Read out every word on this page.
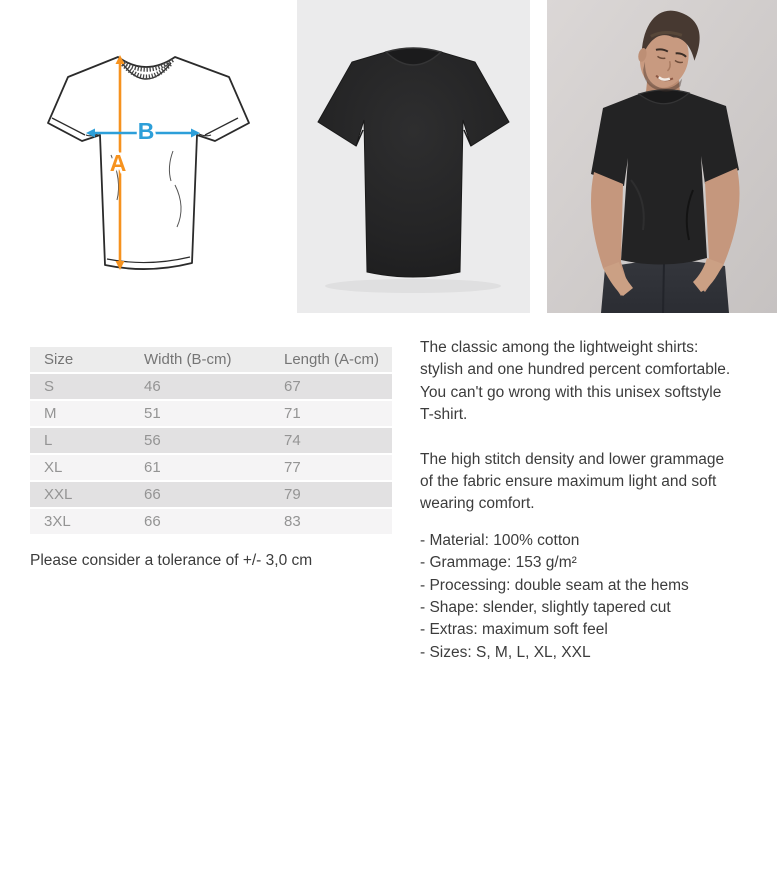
A
B
Size	Width (B-cm)	Length (A-cm)
S	46	67
M	51	71
L	56	74
XL	61	77
XXL	66	79
3XL	66	83
Please consider a tolerance of +/- 3,0 cm
The classic among the lightweight shirts:
stylish and one hundred percent comfortable.
You can't go wrong with this unisex softstyle
T-shirt.
The high stitch density and lower grammage
of the fabric ensure maximum light and soft
wearing comfort.
- Material: 100% cotton
- Grammage: 153 g/m²
- Processing: double seam at the hems
- Shape: slender, slightly tapered cut
- Extras: maximum soft feel
- Sizes: S, M, L, XL, XXL
